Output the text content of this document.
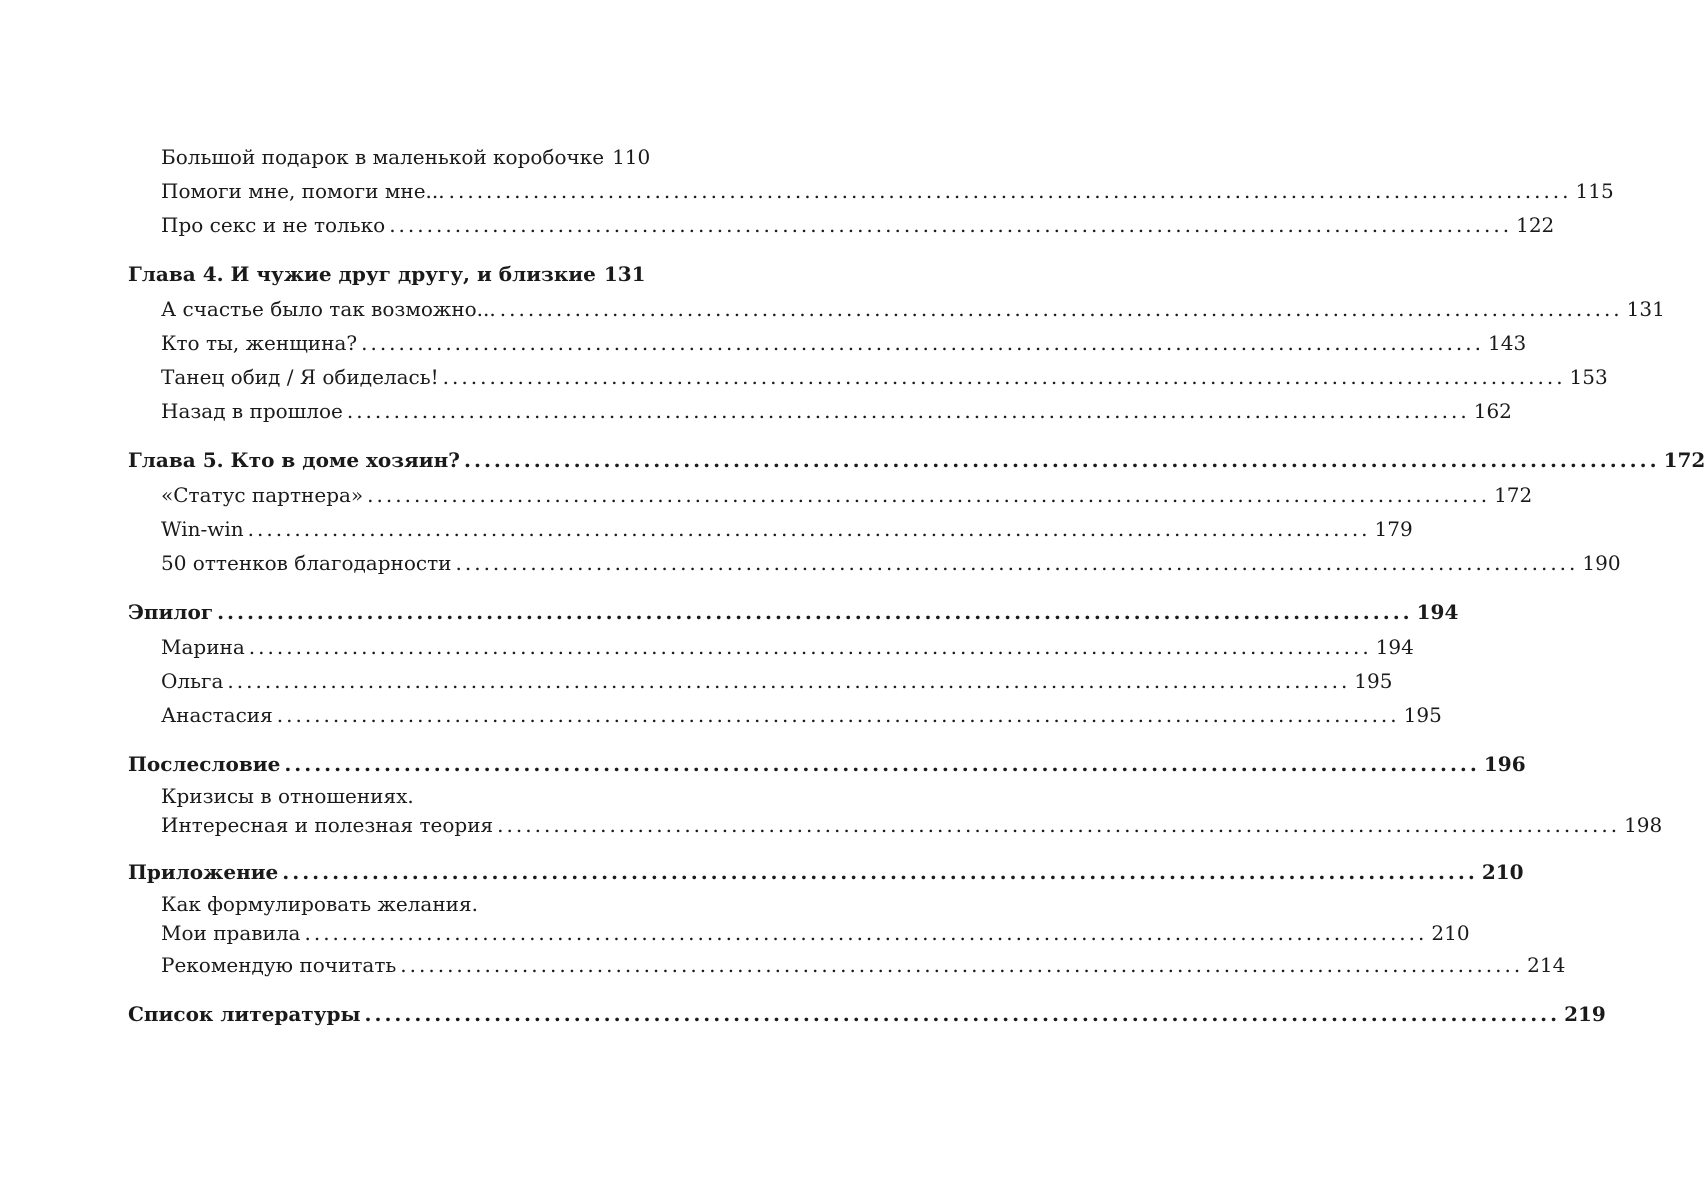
Большой подарок в маленькой коробочке 110
Помоги мне, помоги мне... ........................................................................................................................ 115
Про секс и не только ........................................................................................................................ 122
Глава 4. И чужие друг другу, и близкие 131
А счастье было так возможно... ........................................................................................................................ 131
Кто ты, женщина? ........................................................................................................................ 143
Танец обид / Я обиделась! ........................................................................................................................ 153
Назад в прошлое ........................................................................................................................ 162
Глава 5. Кто в доме хозяин? ........................................................................................................................ 172
«Статус партнера» ........................................................................................................................ 172
Win-win ........................................................................................................................ 179
50 оттенков благодарности ........................................................................................................................ 190
Эпилог ........................................................................................................................ 194
Марина ........................................................................................................................ 194
Ольга ........................................................................................................................ 195
Анастасия ........................................................................................................................ 195
Послесловие ........................................................................................................................ 196
Кризисы в отношениях.
Интересная и полезная теория ........................................................................................................................ 198
Приложение ........................................................................................................................ 210
Как формулировать желания.
Мои правила ........................................................................................................................ 210
Рекомендую почитать ........................................................................................................................ 214
Список литературы ........................................................................................................................ 219
